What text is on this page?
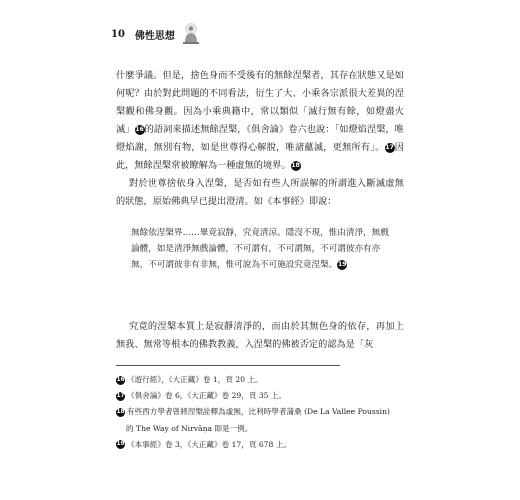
10 佛性思想

什麼爭議。但是，捨色身而不受後有的無餘涅槃者，其存在狀態又是如何呢？由於對此問題的不同看法，衍生了大、小乘各宗派很大差異的涅槃觀和佛身觀。因為小乘典籍中，常以類似「滅行無有餘，如燈盡火滅」16的語詞來描述無餘涅槃，《俱舍論》卷六也說：「如燈焰涅槃，唯燈焰謝，無別有物，如是世尊得心解脫，唯諸蘊滅，更無所有」。17因此，無餘涅槃常被瞭解為一種虛無的境界。18

對於世尊捨依身入涅槃，是否如有些人所誤解的所謂進入斷滅虛無的狀態，原始佛典早已提出澄清。如《本事經》即說：

無餘依涅槃界……畢竟寂靜，究竟清涼。隱沒不現，惟由清淨，無戲論體，如是清淨無戲論體，不可謂有，不可謂無，不可謂彼亦有亦無，不可謂彼非有非無，惟可說為不可施設究竟涅槃。19

究竟的涅槃本質上是寂靜清淨的，而由於其無色身的依存，再加上無我、無常等根本的佛教教義，入涅槃的佛被否定的認為是「灰

16 《遊行經》，《大正藏》卷 1，頁 20 上。

17 《俱舍論》卷 6，《大正藏》卷 29，頁 35 上。

18 有些西方學者曾將涅槃詮釋為虛無，比利時學者蒲桑 (De La Vallee Poussin)

的 The Way of Nirvāṇa 即是一例。

19 《本事經》卷 3，《大正藏》卷 17，頁 678 上。
